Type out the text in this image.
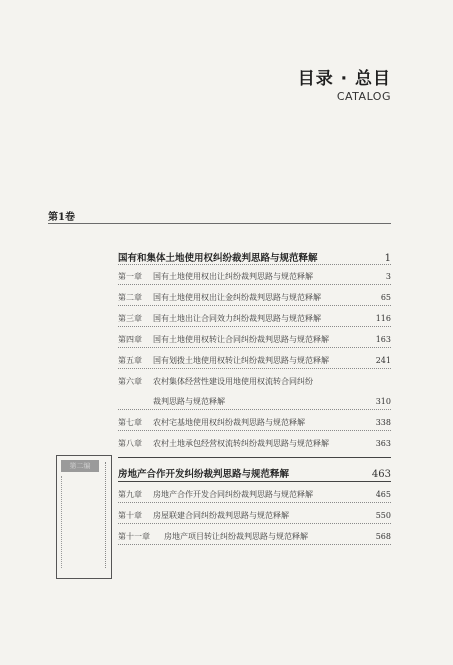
目录 · 总目
CATALOG
第1卷
国有和集体土地使用权纠纷裁判思路与规范释解	1
第一章 国有土地使用权出让纠纷裁判思路与规范释解	3
第二章 国有土地使用权出让金纠纷裁判思路与规范释解	65
第三章 国有土地出让合同效力纠纷裁判思路与规范释解	116
第四章 国有土地使用权转让合同纠纷裁判思路与规范释解	163
第五章 国有划拨土地使用权转让纠纷裁判思路与规范释解	241
第六章 农村集体经营性建设用地使用权流转合同纠纷
裁判思路与规范释解	310
第七章 农村宅基地使用权纠纷裁判思路与规范释解	338
第八章 农村土地承包经营权流转纠纷裁判思路与规范释解	363
第二编
房地产合作开发纠纷裁判思路与规范释解	463
第九章 房地产合作开发合同纠纷裁判思路与规范释解	465
第十章 房屋联建合同纠纷裁判思路与规范释解	550
第十一章 房地产项目转让纠纷裁判思路与规范释解	568
